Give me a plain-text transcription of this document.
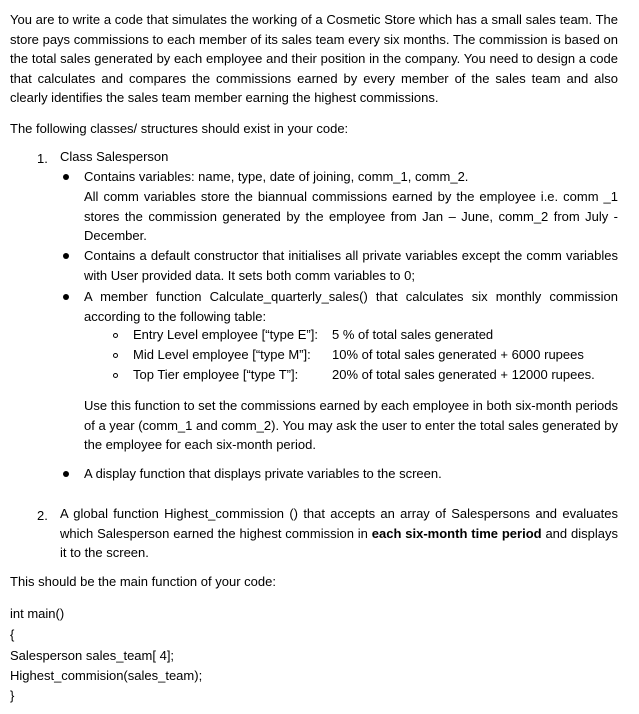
You are to write a code that simulates the working of a Cosmetic Store which has a small sales team. The store pays commissions to each member of its sales team every six months. The commission is based on the total sales generated by each employee and their position in the company. You need to design a code that calculates and compares the commissions earned by every member of the sales team and also clearly identifies the sales team member earning the highest commissions.
The following classes/ structures should exist in your code:
1. Class Salesperson
Contains variables: name, type, date of joining, comm_1, comm_2.
All comm variables store the biannual commissions earned by the employee i.e. comm _1 stores the commission generated by the employee from Jan – June, comm_2 from July - December.
Contains a default constructor that initialises all private variables except the comm variables with User provided data. It sets both comm variables to 0;
A member function Calculate_quarterly_sales() that calculates six monthly commission according to the following table:
Entry Level employee [“type E”]: 5 % of total sales generated
Mid Level employee [“type M”]: 10% of total sales generated + 6000 rupees
Top Tier employee [“type T”]:	20% of total sales generated + 12000 rupees.
Use this function to set the commissions earned by each employee in both six-month periods of a year (comm_1 and comm_2). You may ask the user to enter the total sales generated by the employee for each six-month period.
A display function that displays private variables to the screen.
2. A global function Highest_commission () that accepts an array of Salespersons and evaluates which Salesperson earned the highest commission in each six-month time period and displays it to the screen.
This should be the main function of your code:
int main()
{
Salesperson sales_team[ 4];
Highest_commision(sales_team);
}
